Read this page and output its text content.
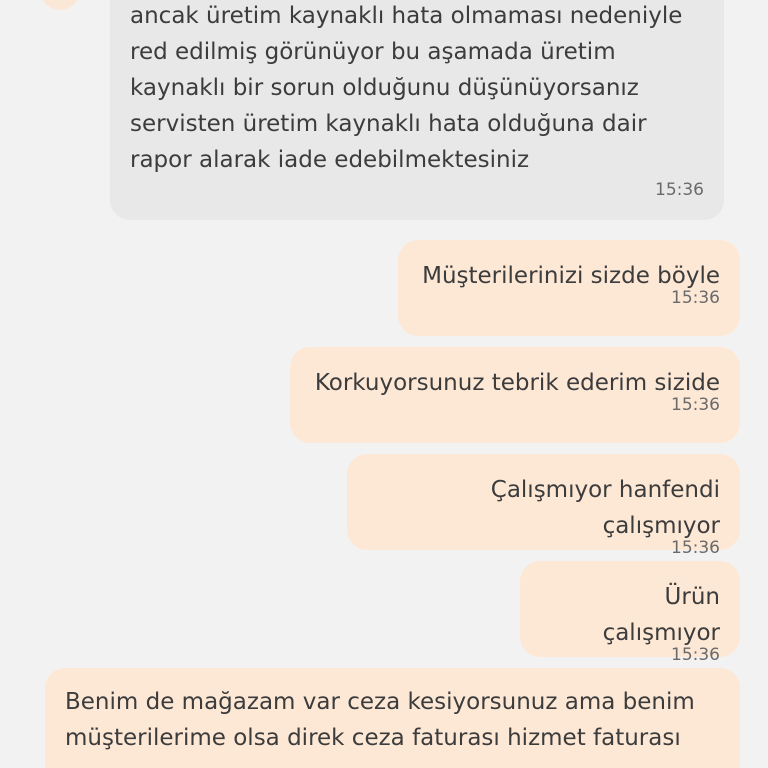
ancak üretim kaynaklı hata olmaması nedeniyle
red edilmiş görünüyor bu aşamada üretim
kaynaklı bir sorun olduğunu düşünüyorsanız
servisten üretim kaynaklı hata olduğuna dair
rapor alarak iade edebilmektesiniz
15:36
Müşterilerinizi sizde böyle
15:36
Korkuyorsunuz tebrik ederim sizide
15:36
Çalışmıyor hanfendi çalışmıyor
15:36
Ürün çalışmıyor
15:36
Benim de mağazam var ceza kesiyorsunuz ama benim
müşterilerime olsa direk ceza faturası hizmet faturası
